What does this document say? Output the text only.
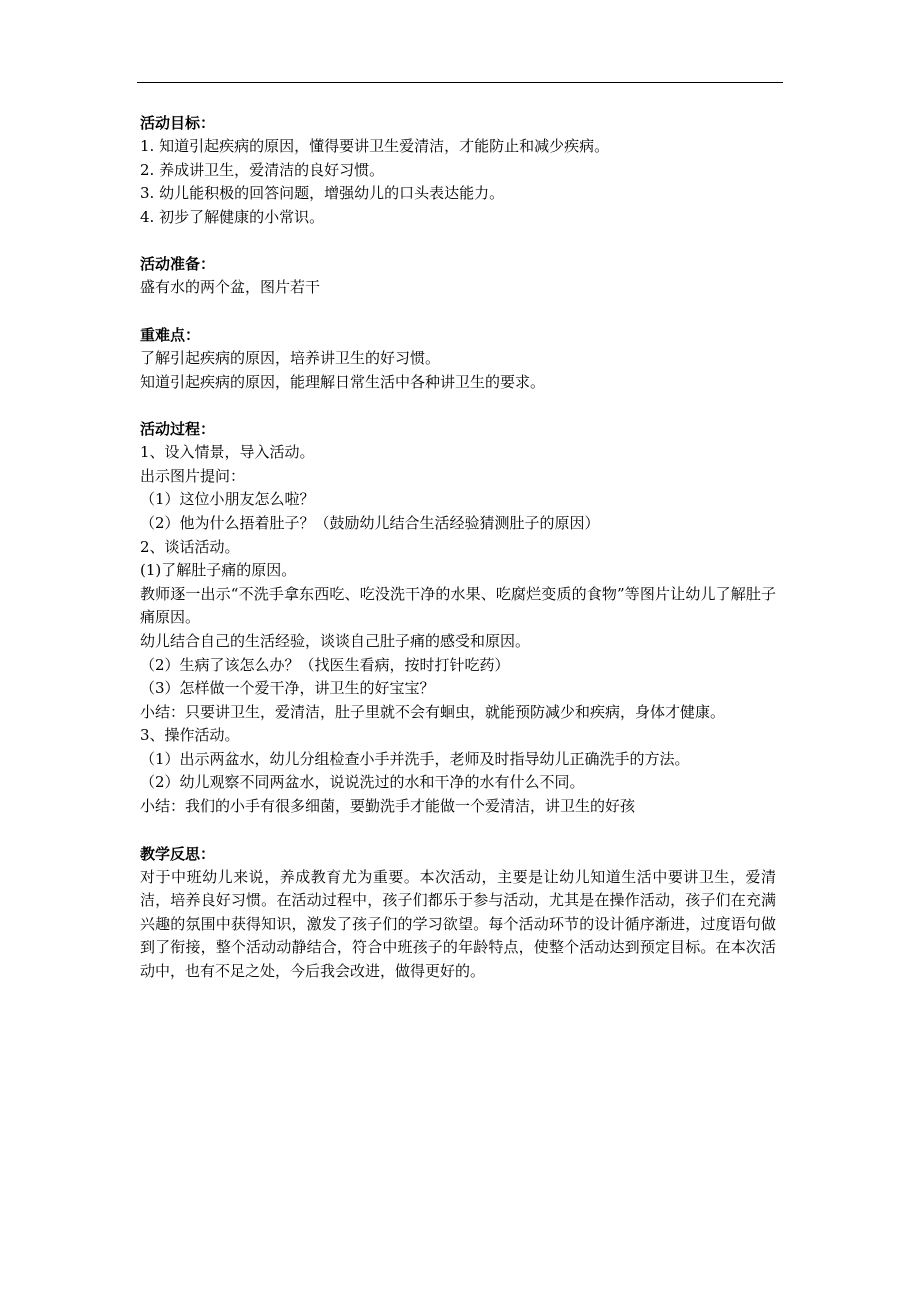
活动目标：

1. 知道引起疾病的原因，懂得要讲卫生爱清洁，才能防止和减少疾病。

2. 养成讲卫生，爱清洁的良好习惯。

3. 幼儿能积极的回答问题，增强幼儿的口头表达能力。

4. 初步了解健康的小常识。

活动准备：

盛有水的两个盆，图片若干

重难点：

了解引起疾病的原因，培养讲卫生的好习惯。

知道引起疾病的原因，能理解日常生活中各种讲卫生的要求。

活动过程：

1、设入情景，导入活动。

出示图片提问：

（1）这位小朋友怎么啦？

（2）他为什么捂着肚子？（鼓励幼儿结合生活经验猜测肚子的原因）

2、谈话活动。

(1)了解肚子痛的原因。

教师逐一出示“不洗手拿东西吃、吃没洗干净的水果、吃腐烂变质的食物”等图片让幼儿了解肚子痛原因。

幼儿结合自己的生活经验，谈谈自己肚子痛的感受和原因。

（2）生病了该怎么办？（找医生看病，按时打针吃药）

（3）怎样做一个爱干净，讲卫生的好宝宝？

小结：只要讲卫生，爱清洁，肚子里就不会有蛔虫，就能预防减少和疾病，身体才健康。

3、操作活动。

（1）出示两盆水，幼儿分组检查小手并洗手，老师及时指导幼儿正确洗手的方法。

（2）幼儿观察不同两盆水，说说洗过的水和干净的水有什么不同。

小结：我们的小手有很多细菌，要勤洗手才能做一个爱清洁，讲卫生的好孩

教学反思：

对于中班幼儿来说，养成教育尤为重要。本次活动，主要是让幼儿知道生活中要讲卫生，爱清洁，培养良好习惯。在活动过程中，孩子们都乐于参与活动，尤其是在操作活动，孩子们在充满兴趣的氛围中获得知识，激发了孩子们的学习欲望。每个活动环节的设计循序渐进，过度语句做到了衔接，整个活动动静结合，符合中班孩子的年龄特点，使整个活动达到预定目标。在本次活动中，也有不足之处，今后我会改进，做得更好的。
